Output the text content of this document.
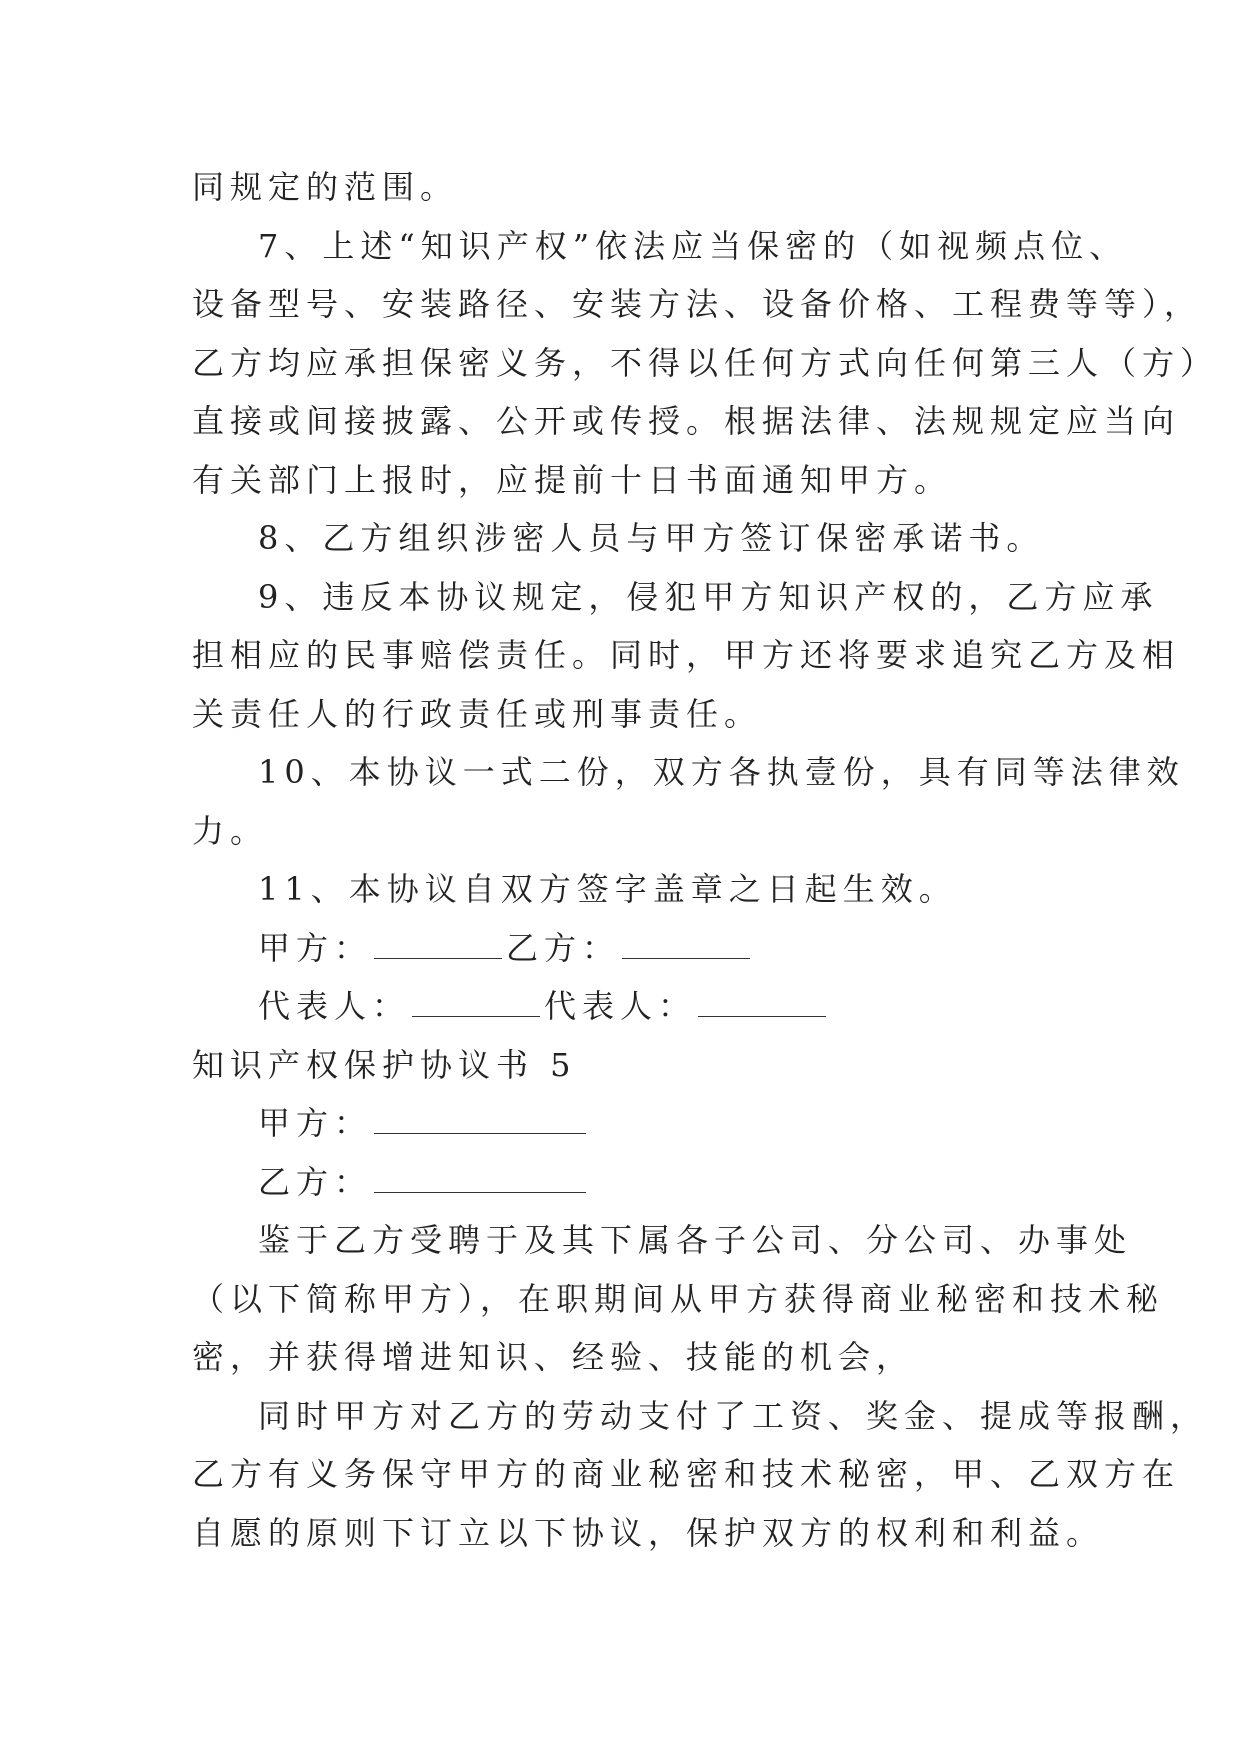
同规定的范围。
7、上述“知识产权”依法应当保密的（如视频点位、
设备型号、安装路径、安装方法、设备价格、工程费等等），
乙方均应承担保密义务，不得以任何方式向任何第三人（方）
直接或间接披露、公开或传授。根据法律、法规规定应当向
有关部门上报时，应提前十日书面通知甲方。
8、乙方组织涉密人员与甲方签订保密承诺书。
9、违反本协议规定，侵犯甲方知识产权的，乙方应承
担相应的民事赔偿责任。同时，甲方还将要求追究乙方及相
关责任人的行政责任或刑事责任。
10、本协议一式二份，双方各执壹份，具有同等法律效
力。
11、本协议自双方签字盖章之日起生效。
甲方：	乙方：
代表人：	代表人：
知识产权保护协议书 5
甲方：
乙方：
鉴于乙方受聘于及其下属各子公司、分公司、办事处
（以下简称甲方），在职期间从甲方获得商业秘密和技术秘
密，并获得增进知识、经验、技能的机会，
同时甲方对乙方的劳动支付了工资、奖金、提成等报酬，
乙方有义务保守甲方的商业秘密和技术秘密，甲、乙双方在
自愿的原则下订立以下协议，保护双方的权利和利益。
